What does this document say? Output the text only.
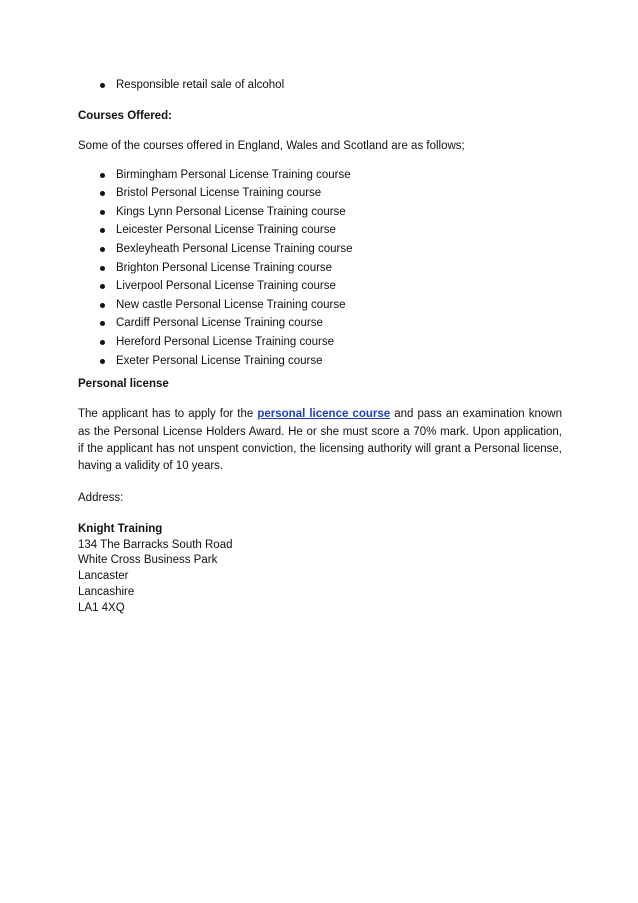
Responsible retail sale of alcohol
Courses Offered:

Some of the courses offered in England, Wales and Scotland are as follows;

Birmingham Personal License Training course
Bristol Personal License Training course
Kings Lynn Personal License Training course
Leicester Personal License Training course
Bexleyheath Personal License Training course
Brighton Personal License Training course
Liverpool Personal License Training course
New castle Personal License Training course
Cardiff Personal License Training course
Hereford Personal License Training course
Exeter Personal License Training course
Personal license

The applicant has to apply for the personal licence course and pass an examination known as the Personal License Holders Award. He or she must score a 70% mark. Upon application, if the applicant has not unspent conviction, the licensing authority will grant a Personal license, having a validity of 10 years.

Address:

Knight Training
134 The Barracks South Road
White Cross Business Park
Lancaster
Lancashire
LA1 4XQ
